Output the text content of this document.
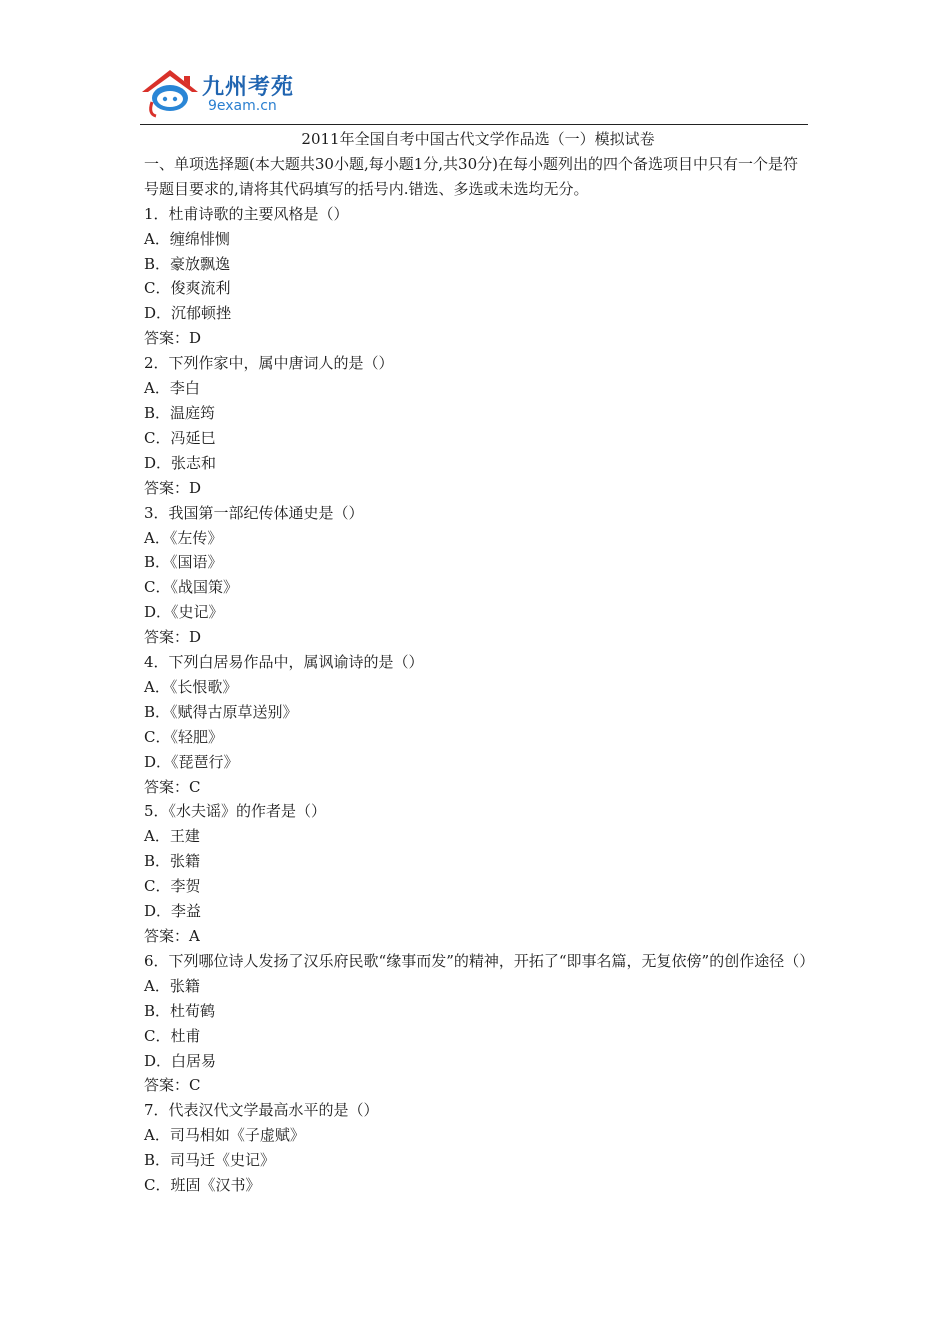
九州考苑
9exam.cn
2011年全国自考中国古代文学作品选（一）模拟试卷
一、单项选择题(本大题共30小题,每小题1分,共30分)在每小题列出的四个备选项目中只有一个是符号题目要求的,请将其代码填写的括号内.错选、多选或未选均无分。
1．杜甫诗歌的主要风格是（）
A．缠绵悱恻
B．豪放飘逸
C．俊爽流利
D．沉郁顿挫
答案：D
2．下列作家中，属中唐词人的是（）
A．李白
B．温庭筠
C．冯延巳
D．张志和
答案：D
3．我国第一部纪传体通史是（）
A．《左传》
B．《国语》
C．《战国策》
D．《史记》
答案：D
4．下列白居易作品中，属讽谕诗的是（）
A．《长恨歌》
B．《赋得古原草送别》
C．《轻肥》
D．《琵琶行》
答案：C
5．《水夫谣》的作者是（）
A．王建
B．张籍
C．李贺
D．李益
答案：A
6．下列哪位诗人发扬了汉乐府民歌“缘事而发”的精神，开拓了“即事名篇，无复依傍”的创作途径（）
A．张籍
B．杜荀鹤
C．杜甫
D．白居易
答案：C
7．代表汉代文学最高水平的是（）
A．司马相如《子虚赋》
B．司马迁《史记》
C．班固《汉书》
